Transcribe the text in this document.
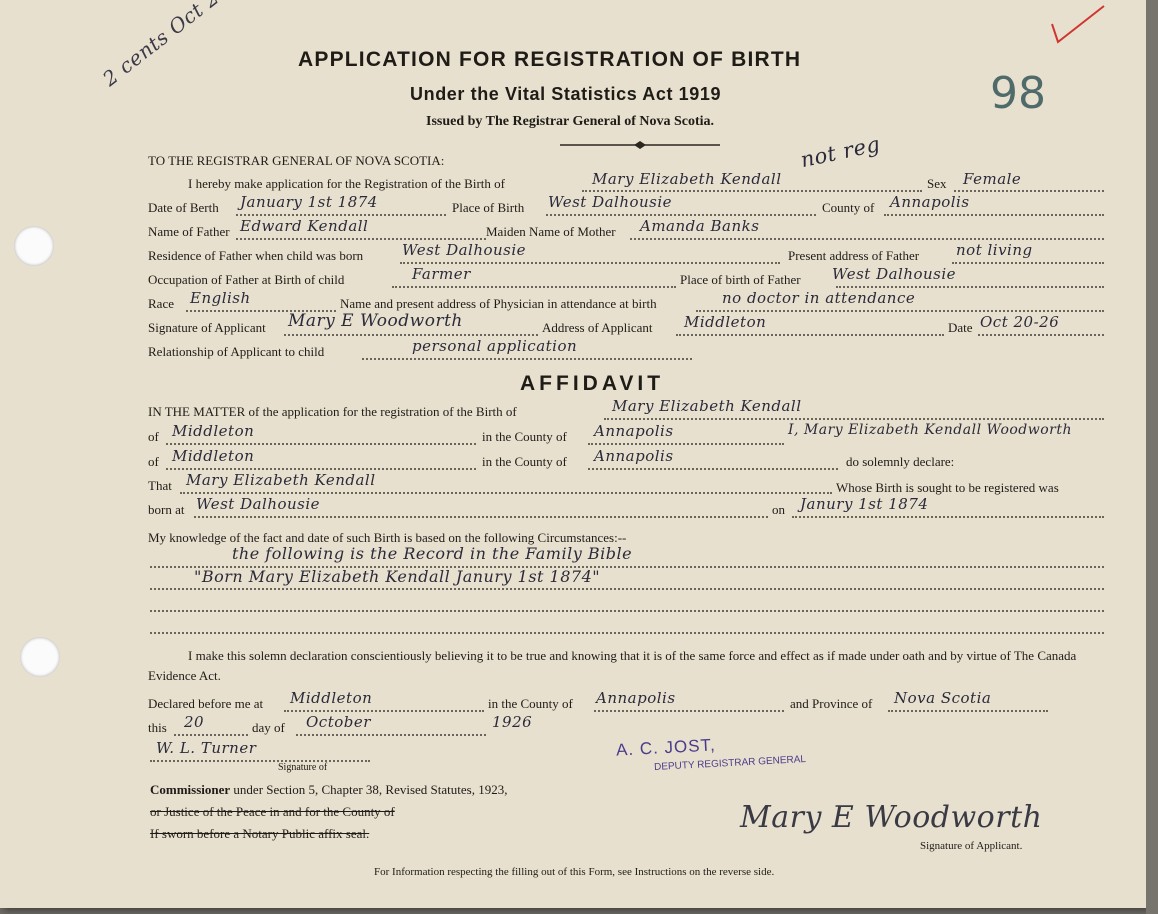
98
not reg
APPLICATION FOR REGISTRATION OF BIRTH
Under the Vital Statistics Act 1919
Issued by The Registrar General of Nova Scotia.
TO THE REGISTRAR GENERAL OF NOVA SCOTIA:
I hereby make application for the Registration of the Birth of	Mary Elizabeth Kendall	Sex Female
Date of Berth January 1st 1874	Place of Birth West Dalhousie	County of Annapolis
Name of Father Edward Kendall	Maiden Name of Mother Amanda Banks
Residence of Father when child was born	West Dalhousie	Present address of Father not living
Occupation of Father at Birth of child	Farmer	Place of birth of Father West Dalhousie
Race English	Name and present address of Physician in attendance at birth	no doctor in attendance
Signature of Applicant Mary E Woodworth	Address of Applicant Middleton	Date Oct 20-26
Relationship of Applicant to child	personal application
AFFIDAVIT
IN THE MATTER of the application for the registration of the Birth of	Mary Elizabeth Kendall
of Middleton	in the County of Annapolis	I, Mary Elizabeth Kendall Woodworth
of Middleton	in the County of Annapolis	do solemnly declare:
That Mary Elizabeth Kendall	Whose Birth is sought to be registered was
born at West Dalhousie	on Janury 1st 1874
My knowledge of the fact and date of such Birth is based on the following Circumstances:--
the following is the Record in the Family Bible
"Born Mary Elizabeth Kendall Janury 1st 1874"
I make this solemn declaration conscientiously believing it to be true and knowing that it is of the same force and effect as if made under oath and by virtue of The Canada Evidence Act.
Declared before me at Middleton	in the County of Annapolis	and Province of Nova Scotia
this 20	day of October	1926
W. L. Turner
Signature of
Commissioner under Section 5, Chapter 38, Revised Statutes, 1923,
or Justice of the Peace in and for the County of
If sworn before a Notary Public affix seal.
A. C. JOST,
DEPUTY REGISTRAR GENERAL
Mary E Woodworth
Signature of Applicant.
For Information respecting the filling out of this Form, see Instructions on the reverse side.
